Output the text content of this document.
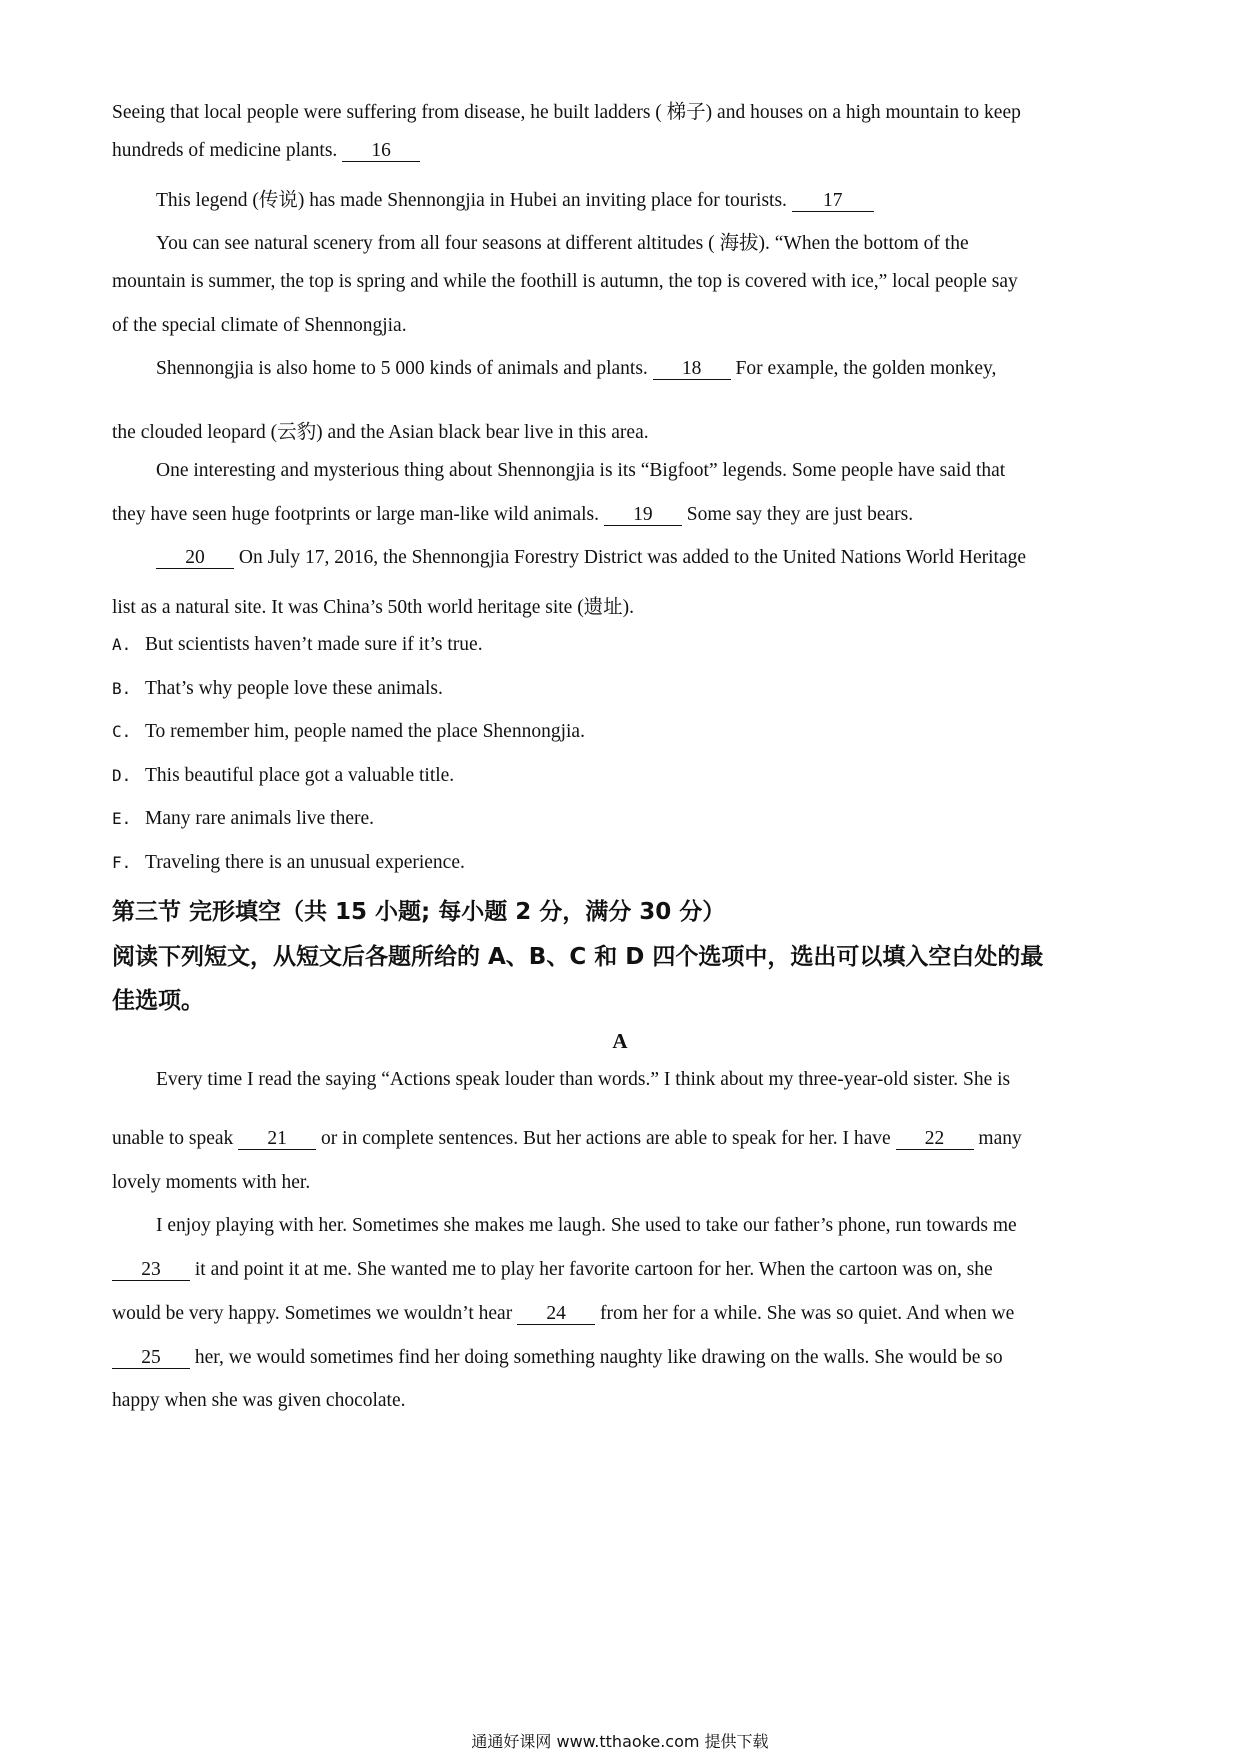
Seeing that local people were suffering from disease, he built ladders ( 梯子) and houses on a high mountain to keep
hundreds of medicine plants. 16
This legend (传说) has made Shennongjia in Hubei an inviting place for tourists. 17
You can see natural scenery from all four seasons at different altitudes ( 海拔). “When the bottom of the
mountain is summer, the top is spring and while the foothill is autumn, the top is covered with ice,” local people say
of the special climate of Shennongjia.
Shennongjia is also home to 5 000 kinds of animals and plants. 18 For example, the golden monkey,
the clouded leopard (云豹) and the Asian black bear live in this area.
One interesting and mysterious thing about Shennongjia is its “Bigfoot” legends. Some people have said that
they have seen huge footprints or large man-like wild animals. 19 Some say they are just bears.
20 On July 17, 2016, the Shennongjia Forestry District was added to the United Nations World Heritage
list as a natural site. It was China’s 50th world heritage site (遗址).
A. But scientists haven’t made sure if it’s true.
B. That’s why people love these animals.
C. To remember him, people named the place Shennongjia.
D. This beautiful place got a valuable title.
E. Many rare animals live there.
F. Traveling there is an unusual experience.
第三节 完形填空（共 15 小题; 每小题 2 分，满分 30 分）
阅读下列短文，从短文后各题所给的 A、B、C 和 D 四个选项中，选出可以填入空白处的最
佳选项。
A
Every time I read the saying “Actions speak louder than words.” I think about my three-year-old sister. She is
unable to speak 21 or in complete sentences. But her actions are able to speak for her. I have 22 many
lovely moments with her.
I enjoy playing with her. Sometimes she makes me laugh. She used to take our father’s phone, run towards me
23 it and point it at me. She wanted me to play her favorite cartoon for her. When the cartoon was on, she
would be very happy. Sometimes we wouldn’t hear 24 from her for a while. She was so quiet. And when we
25 her, we would sometimes find her doing something naughty like drawing on the walls. She would be so
happy when she was given chocolate.
通通好课网 www.tthaoke.com 提供下载
